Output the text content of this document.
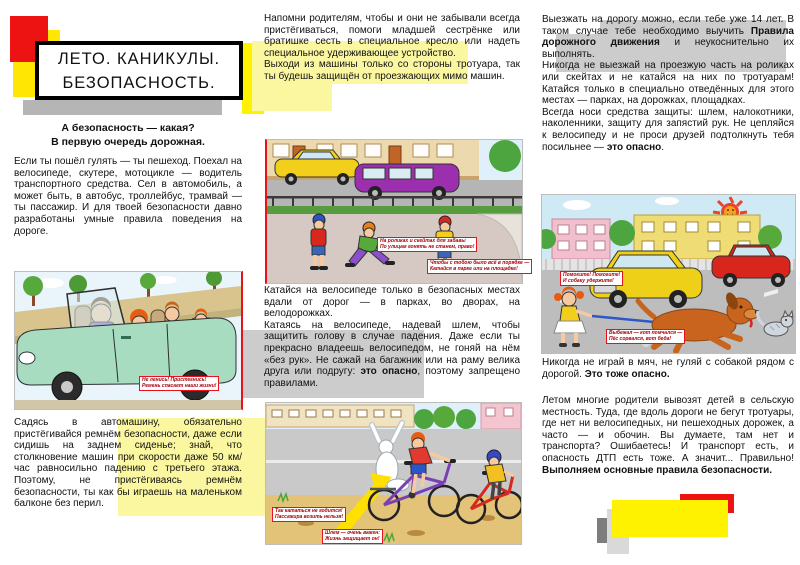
ЛЕТО. КАНИКУЛЫ.
БЕЗОПАСНОСТЬ.
А безопасность — какая?
В первую очередь дорожная.
Если ты пошёл гулять — ты пешеход. Поехал на велосипеде, скутере, мотоцикле — водитель транспортного средства. Сел в автомобиль, а может быть, в автобус, троллейбус, трамвай — ты пассажир. И для твоей безопасности давно разработаны умные правила поведения на дороге.
Садясь в автомашину, обязательно пристёгивайся ремнём безопасности, даже если сидишь на заднем сиденье; знай, что столкновение машин при скорости даже 50 км/час равносильно падению с третьего этажа. Поэтому, не пристёгиваясь ремнём безопасности, ты как бы играешь на маленьком балконе без перил.
Не ленись! Пристегнись!
Ремень спасает наши жизни!
Напомни родителям, чтобы и они не забывали всегда пристёгиваться, помоги младшей сестрёнке или братишке сесть в специальное кресло или надеть специальное удерживающее устройство.
Выходи из машины только со стороны тротуара, так ты будешь защищён от проезжающих мимо машин.
На роликах и скейтах для забавы
По улицам гонять не станем, право!
Чтобы с тобою было всё в порядке —
Катайся в парке или на площадке!
Катайся на велосипеде только в безопасных местах вдали от дорог — в парках, во дворах, на велодорожках.
Катаясь на велосипеде, надевай шлем, чтобы защитить голову в случае падения. Даже если ты прекрасно владеешь велосипедом, не гоняй на нём «без рук». Не сажай на багажник или на раму велика друга или подругу: это опасно, поэтому запрещено правилами.
Так кататься не годится!
Пассажира возить нельзя!
Шлем — очень важен:
Жизнь защищает он!
Выезжать на дорогу можно, если тебе уже 14 лет. В таком случае тебе необходимо выучить Правила дорожного движения и неукоснительно их выполнять.
Никогда не выезжай на проезжую часть на роликах или скейтах и не катайся на них по тротуарам! Катайся только в специально отведённых для этого местах — парках, на дорожках, площадках.
Всегда носи средства защиты: шлем, налокотники, наколенники, защиту для запястий рук. Не цепляйся к велосипеду и не проси друзей подтолкнуть тебя посильнее — это опасно.
Помогите! Помогите!
И собаку удержите!
Выбежал — кот помчался —
Пёс сорвался, вот беда!
Никогда не играй в мяч, не гуляй с собакой рядом с дорогой. Это тоже опасно.
Летом многие родители вывозят детей в сельскую местность. Туда, где вдоль дороги не бегут тротуары, где нет ни велосипедных, ни пешеходных дорожек, а часто — и обочин. Вы думаете, там нет и транспорта? Ошибаетесь! И транспорт есть, и опасность ДТП есть тоже. А значит... Правильно! Выполняем основные правила безопасности.
